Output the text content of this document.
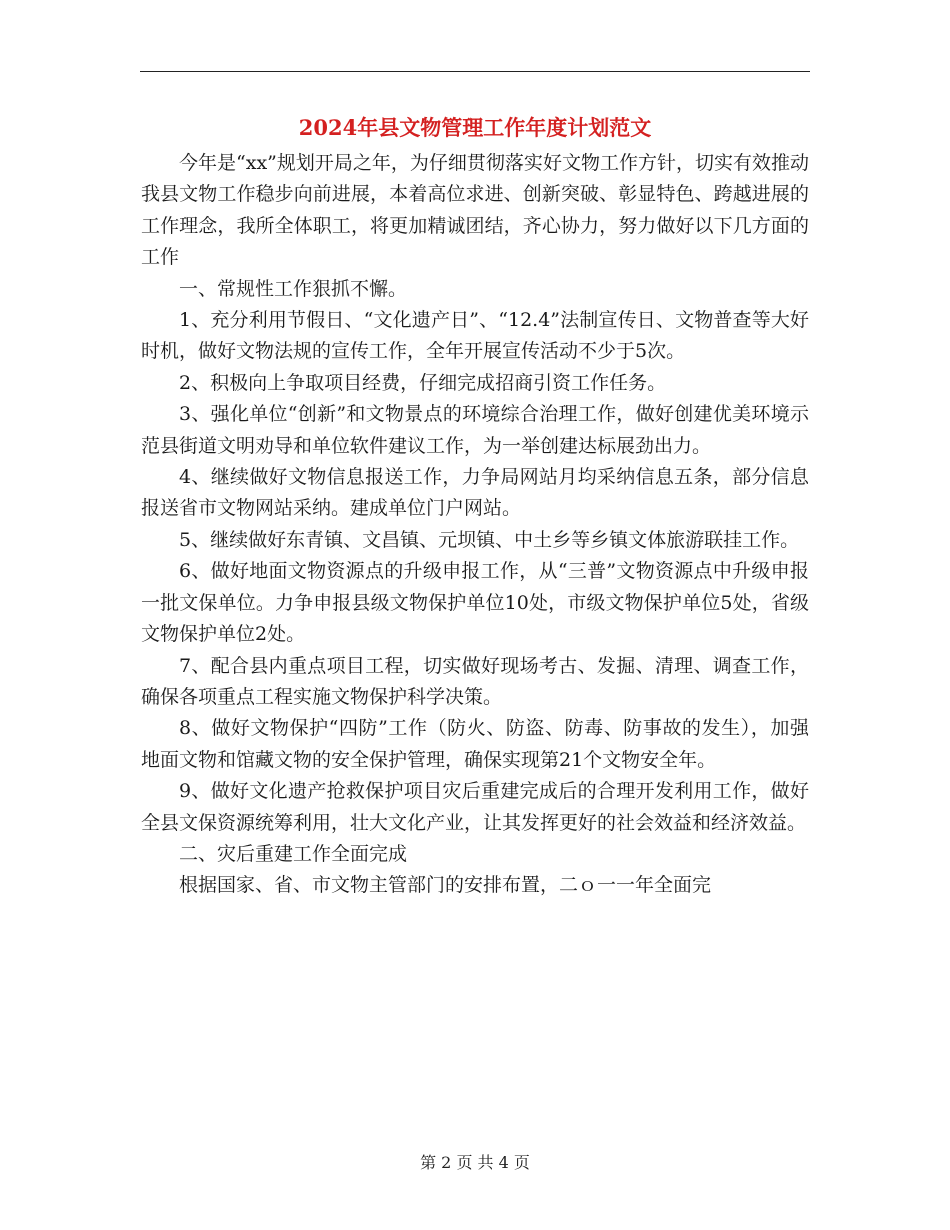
2024年县文物管理工作年度计划范文

今年是“xx”规划开局之年，为仔细贯彻落实好文物工作方针，切实有效推动我县文物工作稳步向前进展，本着高位求进、创新突破、彰显特色、跨越进展的工作理念，我所全体职工，将更加精诚团结，齐心协力，努力做好以下几方面的工作

一、常规性工作狠抓不懈。

1、充分利用节假日、“文化遗产日”、“12.4”法制宣传日、文物普查等大好时机，做好文物法规的宣传工作，全年开展宣传活动不少于5次。

2、积极向上争取项目经费，仔细完成招商引资工作任务。

3、强化单位“创新”和文物景点的环境综合治理工作，做好创建优美环境示范县街道文明劝导和单位软件建议工作，为一举创建达标展劲出力。

4、继续做好文物信息报送工作，力争局网站月均采纳信息五条，部分信息报送省市文物网站采纳。建成单位门户网站。

5、继续做好东青镇、文昌镇、元坝镇、中土乡等乡镇文体旅游联挂工作。

6、做好地面文物资源点的升级申报工作，从“三普”文物资源点中升级申报一批文保单位。力争申报县级文物保护单位10处，市级文物保护单位5处，省级文物保护单位2处。

7、配合县内重点项目工程，切实做好现场考古、发掘、清理、调查工作，确保各项重点工程实施文物保护科学决策。

8、做好文物保护“四防”工作（防火、防盗、防毒、防事故的发生），加强地面文物和馆藏文物的安全保护管理，确保实现第21个文物安全年。

9、做好文化遗产抢救保护项目灾后重建完成后的合理开发利用工作，做好全县文保资源统筹利用，壮大文化产业，让其发挥更好的社会效益和经济效益。

二、灾后重建工作全面完成

根据国家、省、市文物主管部门的安排布置，二ｏ一一年全面完

第 2 页 共 4 页
